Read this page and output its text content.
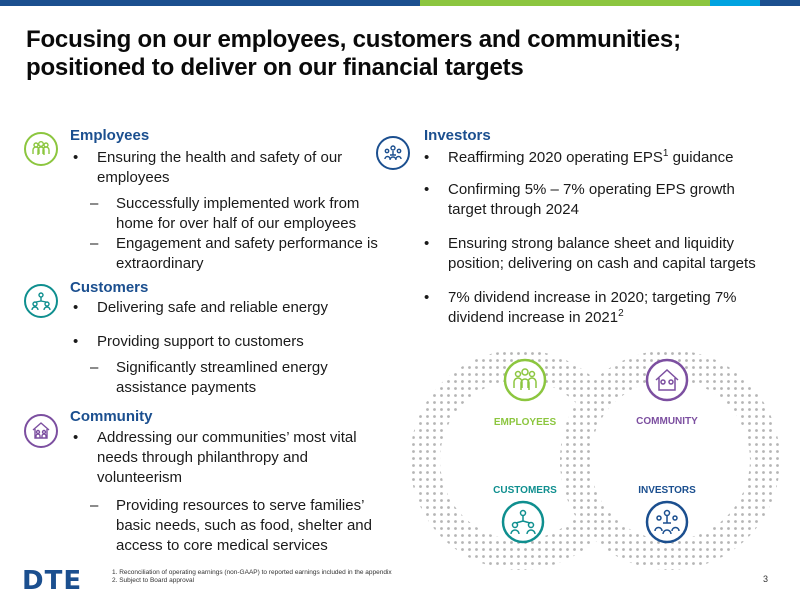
Focusing on our employees, customers and communities;
positioned to deliver on our financial targets
Employees
•	Ensuring the health and safety of our employees
–	Successfully implemented work from home for over half of our employees
–	Engagement and safety performance is extraordinary
Customers
•	Delivering safe and reliable energy
•	Providing support to customers
–	Significantly streamlined energy assistance payments
Community
•	Addressing our communities’ most vital needs through philanthropy and volunteerism
–	Providing resources to serve families’ basic needs, such as food, shelter and access to core medical services
Investors
•	Reaffirming 2020 operating EPS$^1$ guidance
•	Confirming 5% – 7% operating EPS growth target through 2024
•	Ensuring strong balance sheet and liquidity position; delivering on cash and capital targets
•	7% dividend increase in 2020; targeting 7% dividend increase in 2021$^2$
EMPLOYEES	COMMUNITY
CUSTOMERS	INVESTORS
DTE	1. Reconciliation of operating earnings (non-GAAP) to reported earnings included in the appendix
2. Subject to Board approval	3
